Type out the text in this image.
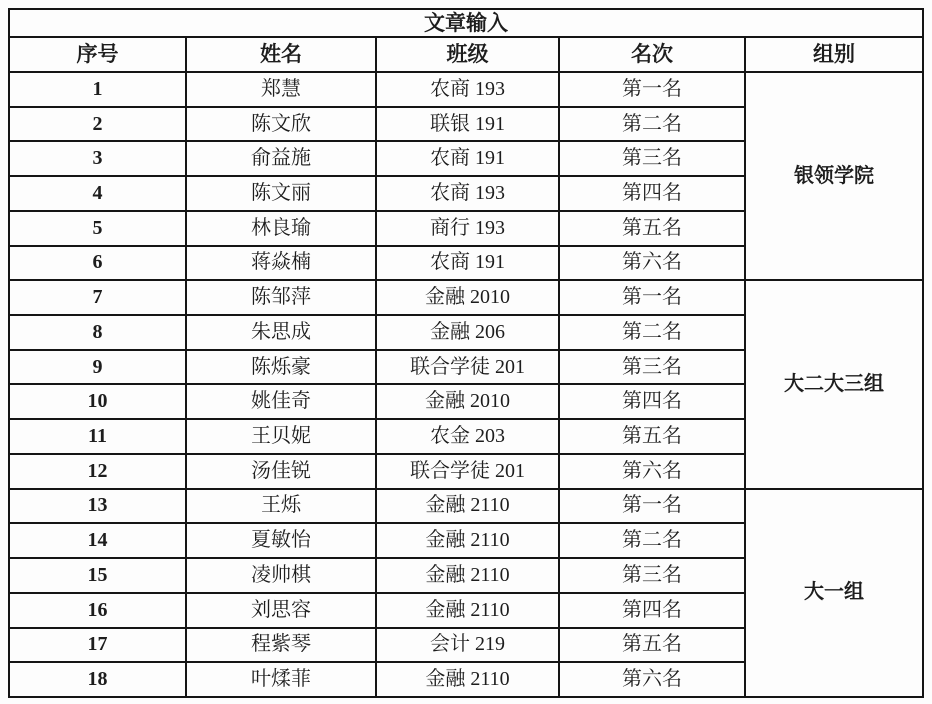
文章输入				
序号	姓名	班级	名次	组别
1	郑慧	农商 193	第一名	银领学院
2	陈文欣	联银 191	第二名	
3	俞益施	农商 191	第三名	
4	陈文丽	农商 193	第四名	
5	林良瑜	商行 193	第五名	
6	蒋焱楠	农商 191	第六名	
7	陈邹萍	金融 2010	第一名	大二大三组
8	朱思成	金融 206	第二名	
9	陈烁豪	联合学徒 201	第三名	
10	姚佳奇	金融 2010	第四名	
11	王贝妮	农金 203	第五名	
12	汤佳锐	联合学徒 201	第六名	
13	王烁	金融 2110	第一名	大一组
14	夏敏怡	金融 2110	第二名	
15	凌帅棋	金融 2110	第三名	
16	刘思容	金融 2110	第四名	
17	程紫琴	会计 219	第五名	
18	叶煣菲	金融 2110	第六名	
